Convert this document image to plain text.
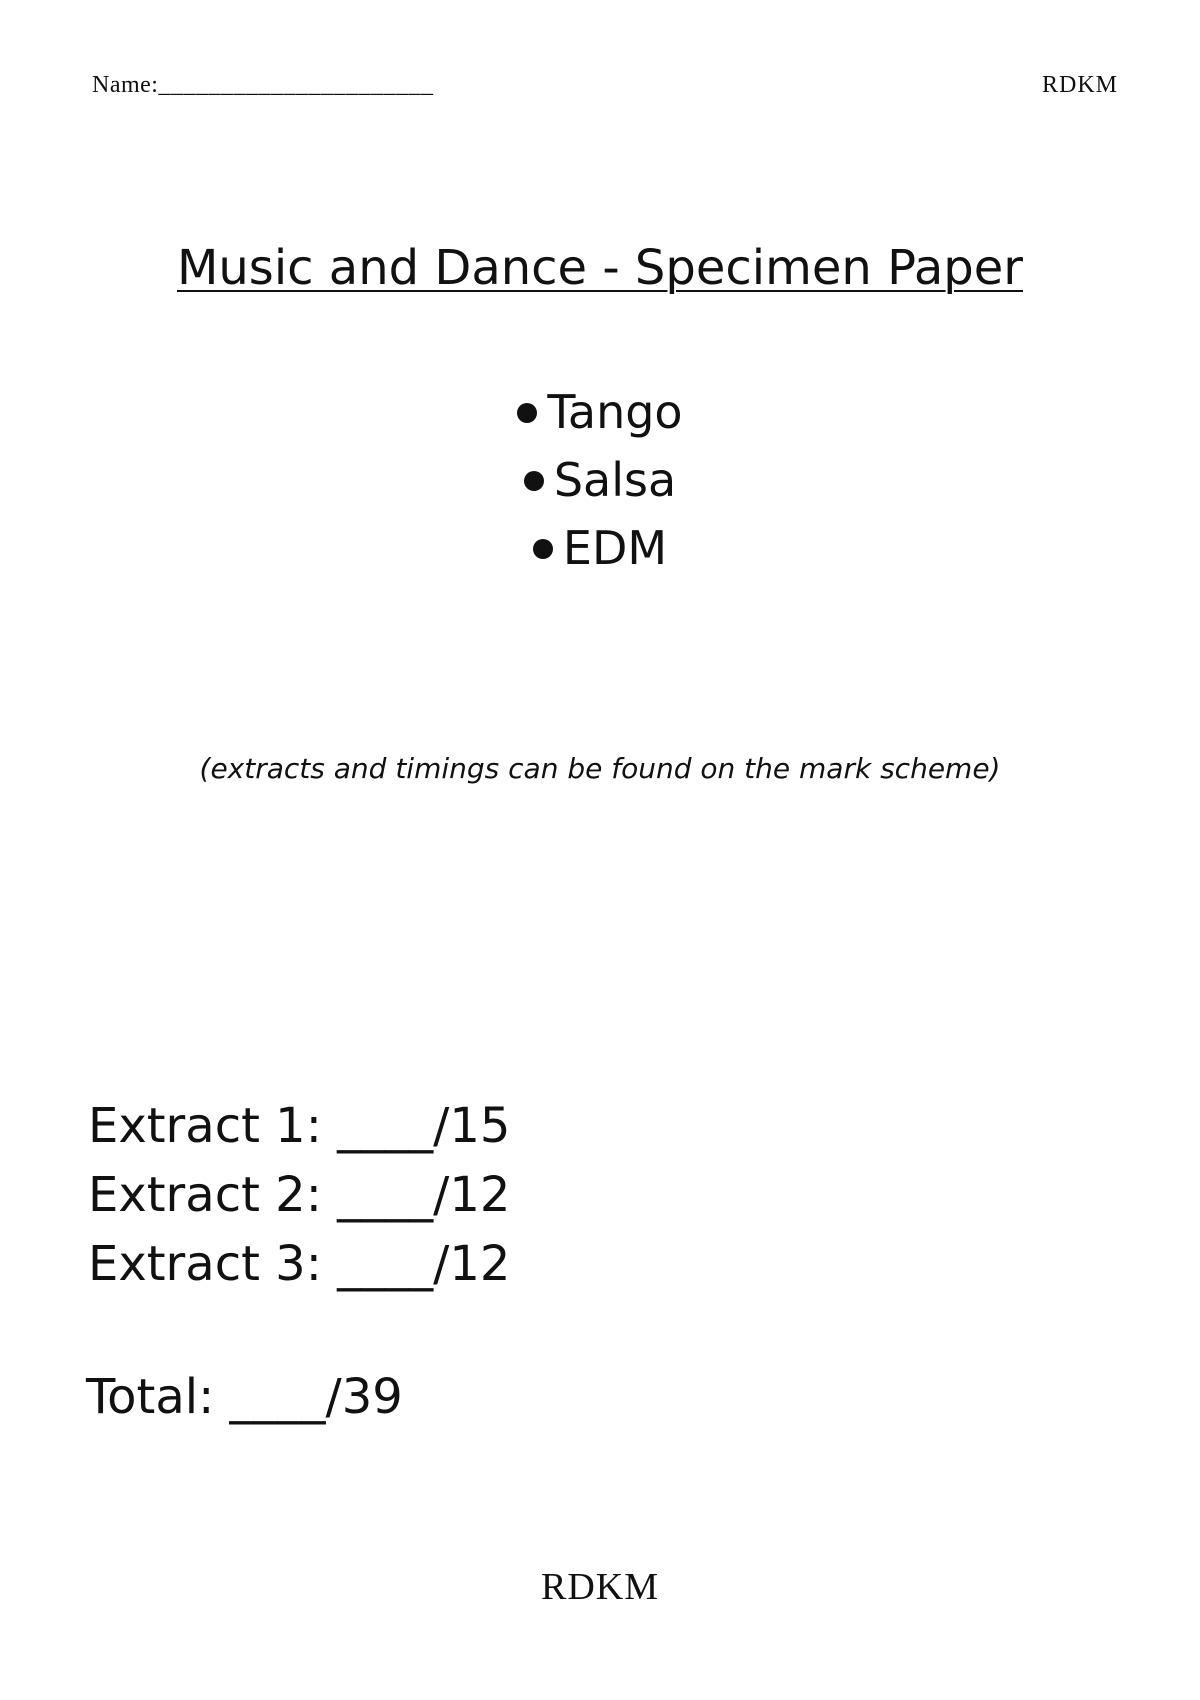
Name:______________________	RDKM
Music and Dance - Specimen Paper
Tango
Salsa
EDM
(extracts and timings can be found on the mark scheme)
Extract 1: ____/15
Extract 2: ____/12
Extract 3: ____/12
Total: ____/39
RDKM
